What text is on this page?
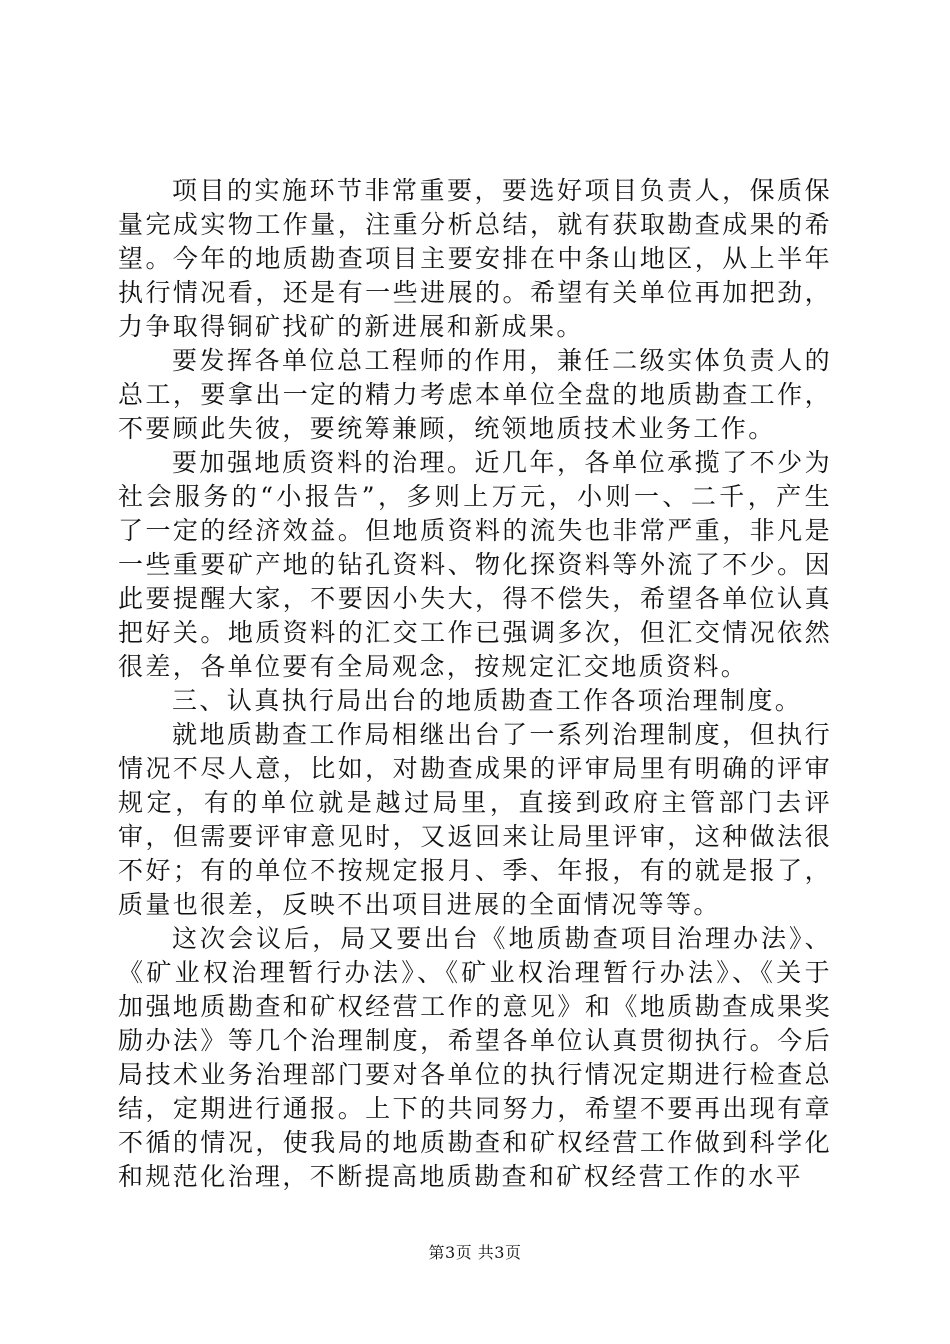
项目的实施环节非常重要，要选好项目负责人，保质保量完成实物工作量，注重分析总结，就有获取勘查成果的希望。今年的地质勘查项目主要安排在中条山地区，从上半年执行情况看，还是有一些进展的。希望有关单位再加把劲，力争取得铜矿找矿的新进展和新成果。

要发挥各单位总工程师的作用，兼任二级实体负责人的总工，要拿出一定的精力考虑本单位全盘的地质勘查工作，不要顾此失彼，要统筹兼顾，统领地质技术业务工作。

要加强地质资料的治理。近几年，各单位承揽了不少为社会服务的“小报告”，多则上万元，小则一、二千，产生了一定的经济效益。但地质资料的流失也非常严重，非凡是一些重要矿产地的钻孔资料、物化探资料等外流了不少。因此要提醒大家，不要因小失大，得不偿失，希望各单位认真把好关。地质资料的汇交工作已强调多次，但汇交情况依然很差，各单位要有全局观念，按规定汇交地质资料。

三、认真执行局出台的地质勘查工作各项治理制度。

就地质勘查工作局相继出台了一系列治理制度，但执行情况不尽人意，比如，对勘查成果的评审局里有明确的评审规定，有的单位就是越过局里，直接到政府主管部门去评审，但需要评审意见时，又返回来让局里评审，这种做法很不好；有的单位不按规定报月、季、年报，有的就是报了，质量也很差，反映不出项目进展的全面情况等等。

这次会议后，局又要出台《地质勘查项目治理办法》、《矿业权治理暂行办法》、《矿业权治理暂行办法》、《关于加强地质勘查和矿权经营工作的意见》和《地质勘查成果奖励办法》等几个治理制度，希望各单位认真贯彻执行。今后局技术业务治理部门要对各单位的执行情况定期进行检查总结，定期进行通报。上下的共同努力，希望不要再出现有章不循的情况，使我局的地质勘查和矿权经营工作做到科学化和规范化治理，不断提高地质勘查和矿权经营工作的水平

第3页 共3页
